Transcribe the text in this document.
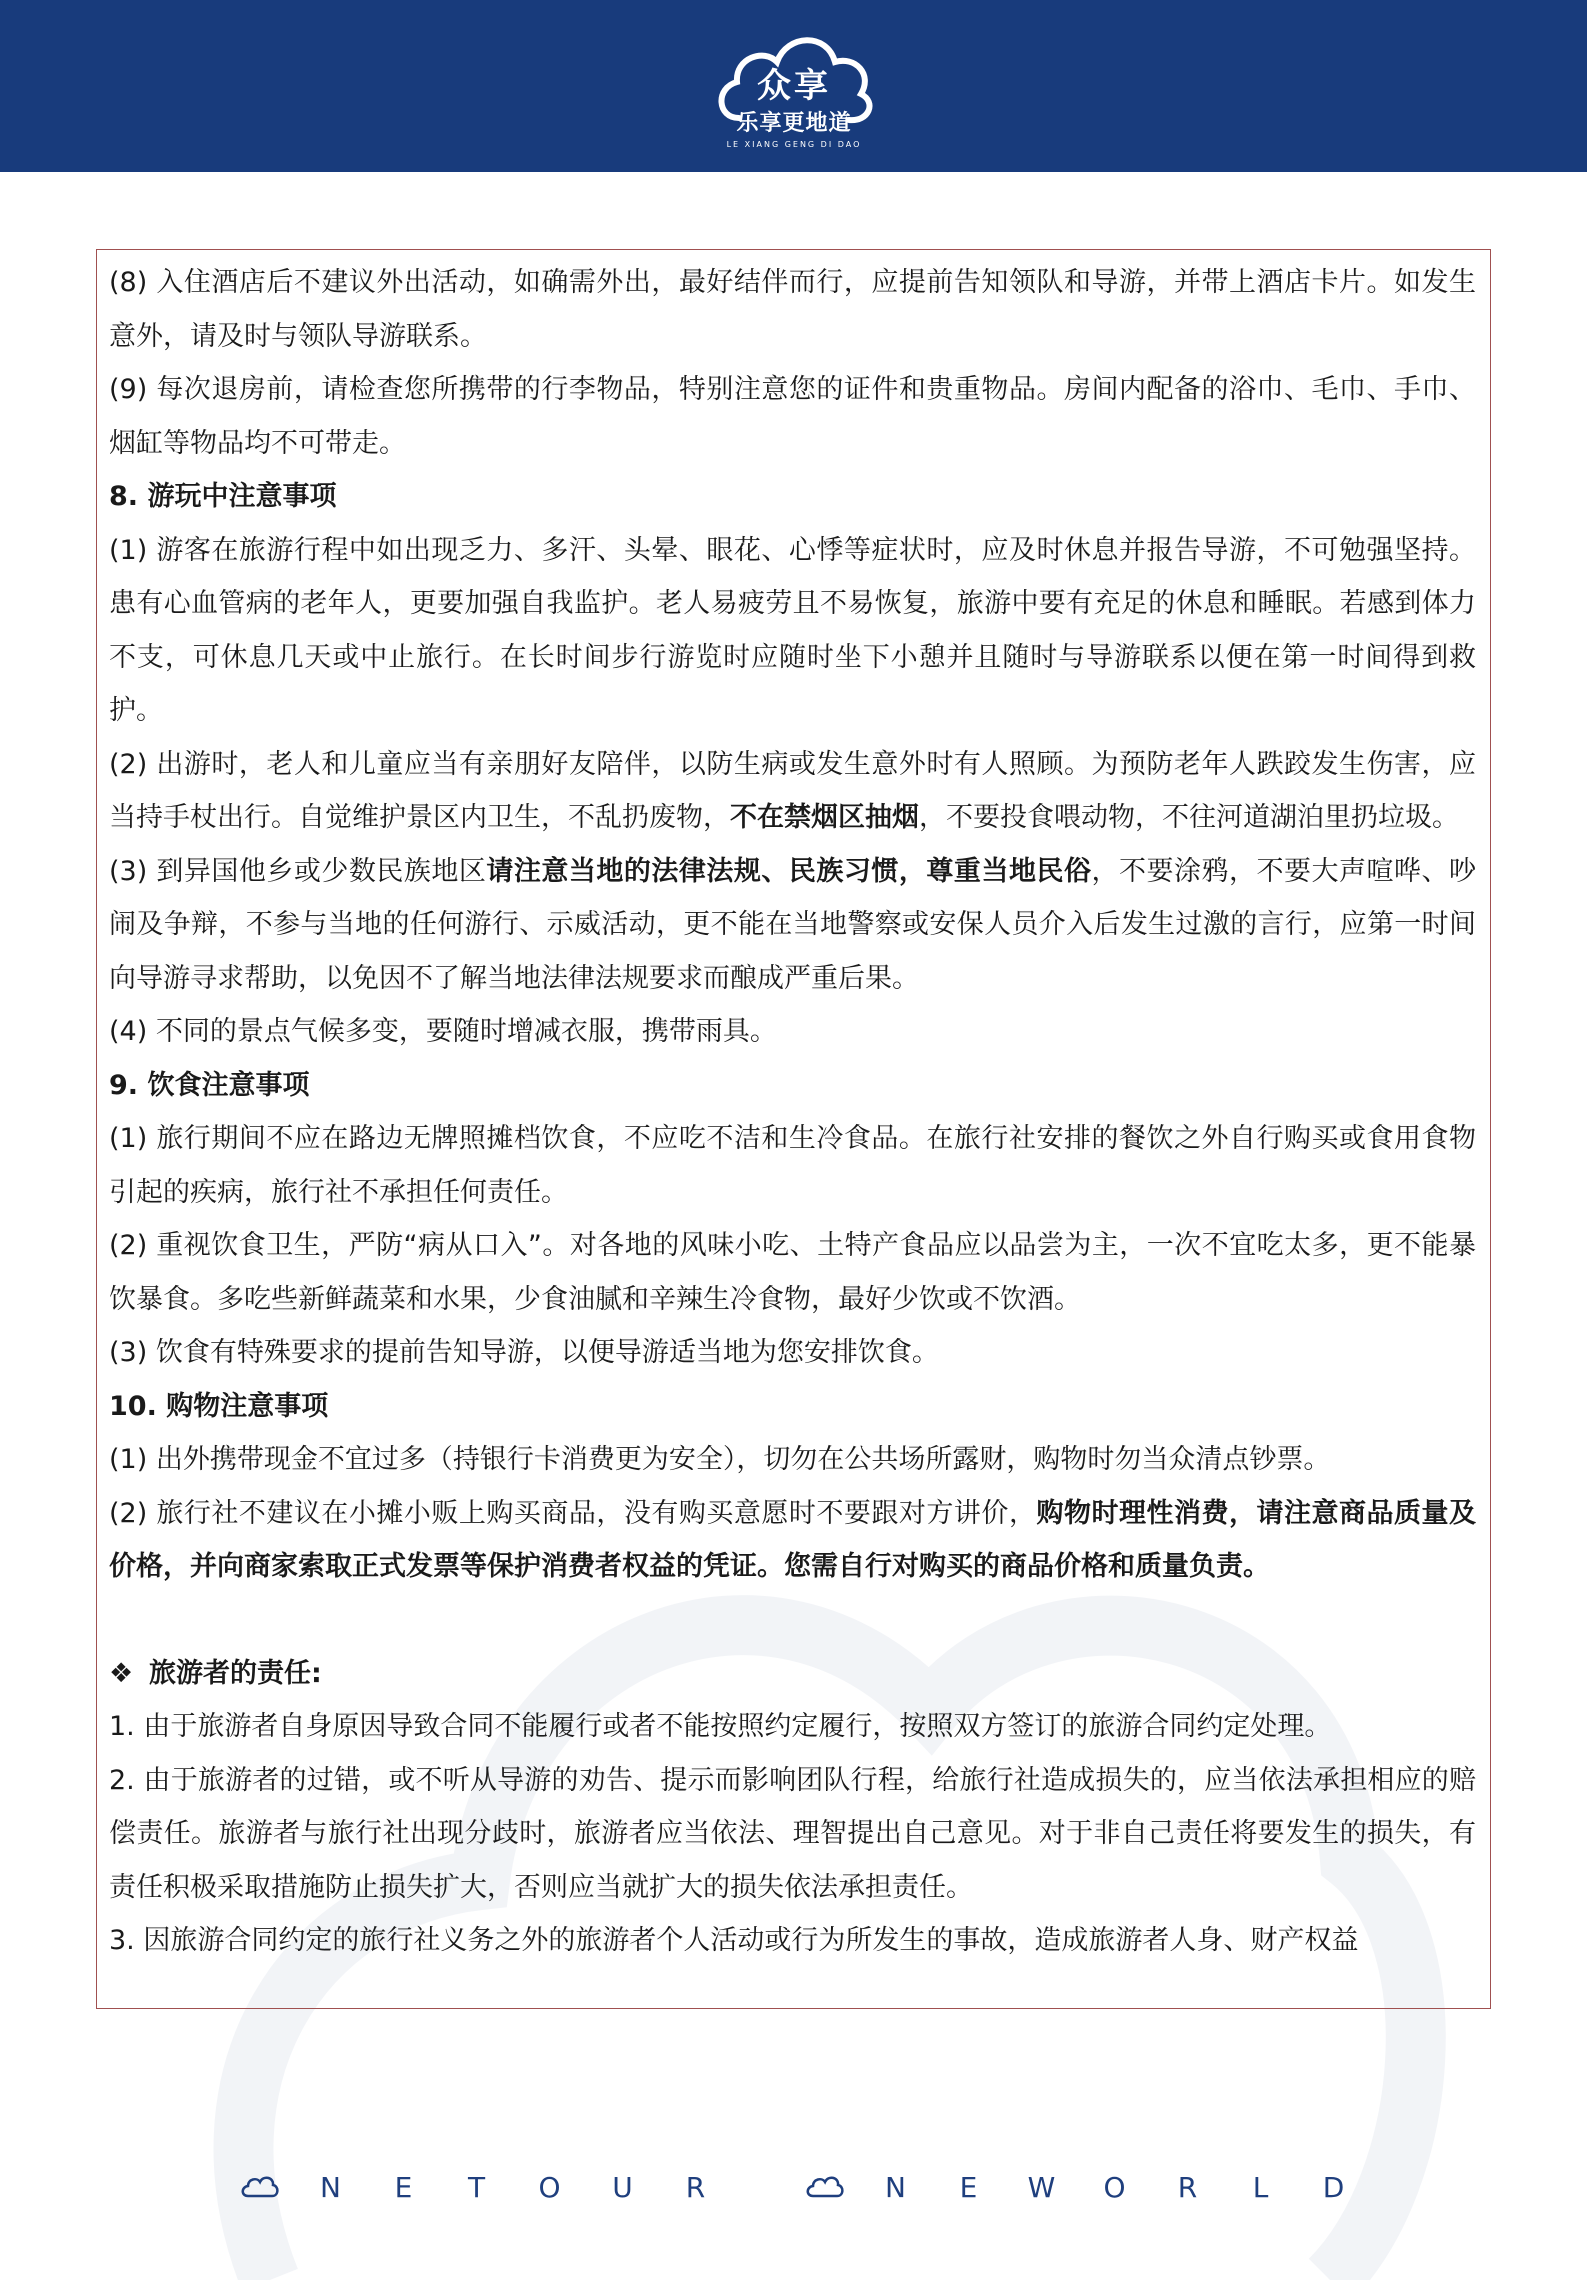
众享
乐享更地道
LE XIANG GENG DI DAO

(8) 入住酒店后不建议外出活动，如确需外出，最好结伴而行，应提前告知领队和导游，并带上酒店卡片。如发生意外，请及时与领队导游联系。

(9) 每次退房前，请检查您所携带的行李物品，特别注意您的证件和贵重物品。房间内配备的浴巾、毛巾、手巾、烟缸等物品均不可带走。

8. 游玩中注意事项

(1) 游客在旅游行程中如出现乏力、多汗、头晕、眼花、心悸等症状时，应及时休息并报告导游，不可勉强坚持。患有心血管病的老年人，更要加强自我监护。老人易疲劳且不易恢复，旅游中要有充足的休息和睡眠。若感到体力不支，可休息几天或中止旅行。在长时间步行游览时应随时坐下小憩并且随时与导游联系以便在第一时间得到救护。

(2) 出游时，老人和儿童应当有亲朋好友陪伴，以防生病或发生意外时有人照顾。为预防老年人跌跤发生伤害，应当持手杖出行。自觉维护景区内卫生，不乱扔废物，不在禁烟区抽烟，不要投食喂动物，不往河道湖泊里扔垃圾。

(3) 到异国他乡或少数民族地区请注意当地的法律法规、民族习惯，尊重当地民俗，不要涂鸦，不要大声喧哗、吵闹及争辩，不参与当地的任何游行、示威活动，更不能在当地警察或安保人员介入后发生过激的言行，应第一时间向导游寻求帮助，以免因不了解当地法律法规要求而酿成严重后果。

(4) 不同的景点气候多变，要随时增减衣服，携带雨具。

9. 饮食注意事项

(1) 旅行期间不应在路边无牌照摊档饮食，不应吃不洁和生冷食品。在旅行社安排的餐饮之外自行购买或食用食物引起的疾病，旅行社不承担任何责任。

(2) 重视饮食卫生，严防“病从口入”。对各地的风味小吃、土特产食品应以品尝为主，一次不宜吃太多，更不能暴饮暴食。多吃些新鲜蔬菜和水果，少食油腻和辛辣生冷食物，最好少饮或不饮酒。

(3) 饮食有特殊要求的提前告知导游，以便导游适当地为您安排饮食。

10. 购物注意事项

(1) 出外携带现金不宜过多（持银行卡消费更为安全），切勿在公共场所露财，购物时勿当众清点钞票。

(2) 旅行社不建议在小摊小贩上购买商品，没有购买意愿时不要跟对方讲价，购物时理性消费，请注意商品质量及价格，并向商家索取正式发票等保护消费者权益的凭证。您需自行对购买的商品价格和质量负责。

❖ 旅游者的责任:

1. 由于旅游者自身原因导致合同不能履行或者不能按照约定履行，按照双方签订的旅游合同约定处理。

2. 由于旅游者的过错，或不听从导游的劝告、提示而影响团队行程，给旅行社造成损失的，应当依法承担相应的赔偿责任。旅游者与旅行社出现分歧时，旅游者应当依法、理智提出自己意见。对于非自己责任将要发生的损失，有责任积极采取措施防止损失扩大，否则应当就扩大的损失依法承担责任。

3. 因旅游合同约定的旅行社义务之外的旅游者个人活动或行为所发生的事故，造成旅游者人身、财产权益

N	E	T	O	U	R	N	E	W	O	R	L	D
